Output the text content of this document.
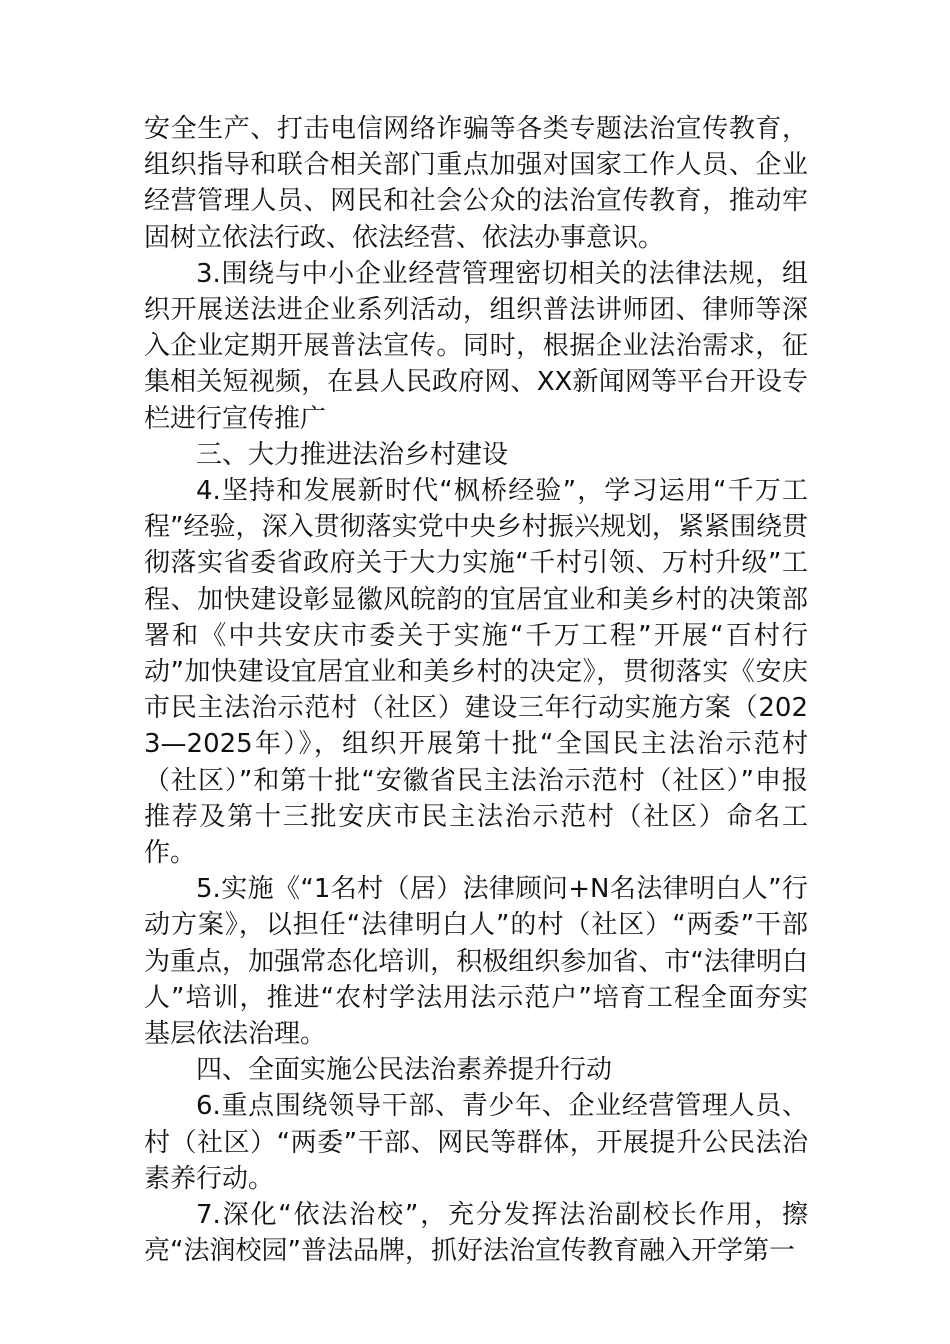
安全生产、打击电信网络诈骗等各类专题法治宣传教育，组织指导和联合相关部门重点加强对国家工作人员、企业经营管理人员、网民和社会公众的法治宣传教育，推动牢固树立依法行政、依法经营、依法办事意识。

3.围绕与中小企业经营管理密切相关的法律法规，组织开展送法进企业系列活动，组织普法讲师团、律师等深入企业定期开展普法宣传。同时，根据企业法治需求，征集相关短视频，在县人民政府网、XX新闻网等平台开设专栏进行宣传推广

三、大力推进法治乡村建设

4.坚持和发展新时代“枫桥经验”，学习运用“千万工程”经验，深入贯彻落实党中央乡村振兴规划，紧紧围绕贯彻落实省委省政府关于大力实施“千村引领、万村升级”工程、加快建设彰显徽风皖韵的宜居宜业和美乡村的决策部署和《中共安庆市委关于实施“千万工程”开展“百村行动”加快建设宜居宜业和美乡村的决定》，贯彻落实《安庆市民主法治示范村（社区）建设三年行动实施方案（2023—2025年）》，组织开展第十批“全国民主法治示范村（社区）”和第十批“安徽省民主法治示范村（社区）”申报推荐及第十三批安庆市民主法治示范村（社区）命名工作。

5.实施《“1名村（居）法律顾问+N名法律明白人”行动方案》，以担任“法律明白人”的村（社区）“两委”干部为重点，加强常态化培训，积极组织参加省、市“法律明白人”培训，推进“农村学法用法示范户”培育工程全面夯实基层依法治理。

四、全面实施公民法治素养提升行动

6.重点围绕领导干部、青少年、企业经营管理人员、村（社区）“两委”干部、网民等群体，开展提升公民法治素养行动。

7.深化“依法治校”，充分发挥法治副校长作用，擦亮“法润校园”普法品牌，抓好法治宣传教育融入开学第一
